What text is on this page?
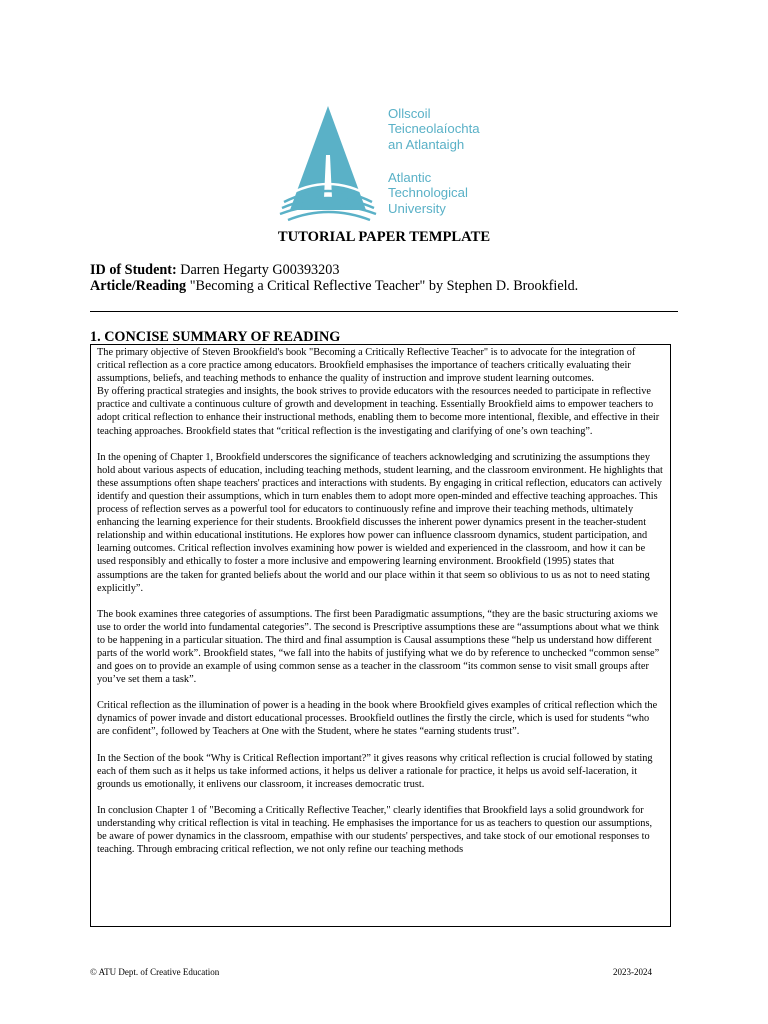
Ollscoil
Teicneolaíochta
an Atlantaigh
Atlantic
Technological
University
TUTORIAL PAPER TEMPLATE
ID of Student: Darren Hegarty G00393203
Article/Reading "Becoming a Critical Reflective Teacher" by Stephen D. Brookfield.
1. CONCISE SUMMARY OF READING

The primary objective of Steven Brookfield's book "Becoming a Critically Reflective Teacher" is to advocate for the integration of critical reflection as a core practice among educators. Brookfield emphasises the importance of teachers critically evaluating their assumptions, beliefs, and teaching methods to enhance the quality of instruction and improve student learning outcomes.

By offering practical strategies and insights, the book strives to provide educators with the resources needed to participate in reflective practice and cultivate a continuous culture of growth and development in teaching. Essentially Brookfield aims to empower teachers to adopt critical reflection to enhance their instructional methods, enabling them to become more intentional, flexible, and effective in their teaching approaches. Brookfield states that “critical reflection is the investigating and clarifying of one’s own teaching”.

In the opening of Chapter 1, Brookfield underscores the significance of teachers acknowledging and scrutinizing the assumptions they hold about various aspects of education, including teaching methods, student learning, and the classroom environment. He highlights that these assumptions often shape teachers' practices and interactions with students. By engaging in critical reflection, educators can actively identify and question their assumptions, which in turn enables them to adopt more open-minded and effective teaching approaches. This process of reflection serves as a powerful tool for educators to continuously refine and improve their teaching methods, ultimately enhancing the learning experience for their students. Brookfield discusses the inherent power dynamics present in the teacher-student relationship and within educational institutions. He explores how power can influence classroom dynamics, student participation, and learning outcomes. Critical reflection involves examining how power is wielded and experienced in the classroom, and how it can be used responsibly and ethically to foster a more inclusive and empowering learning environment. Brookfield (1995) states that assumptions are the taken for granted beliefs about the world and our place within it that seem so oblivious to us as not to need stating explicitly”.

The book examines three categories of assumptions. The first been Paradigmatic assumptions, “they are the basic structuring axioms we use to order the world into fundamental categories”. The second is Prescriptive assumptions these are “assumptions about what we think to be happening in a particular situation. The third and final assumption is Causal assumptions these “help us understand how different parts of the world work”. Brookfield states, “we fall into the habits of justifying what we do by reference to unchecked “common sense” and goes on to provide an example of using common sense as a teacher in the classroom “its common sense to visit small groups after you’ve set them a task”.

Critical reflection as the illumination of power is a heading in the book where Brookfield gives examples of critical reflection which the dynamics of power invade and distort educational processes. Brookfield outlines the firstly the circle, which is used for students “who are confident”, followed by Teachers at One with the Student, where he states “earning students trust”.

In the Section of the book “Why is Critical Reflection important?” it gives reasons why critical reflection is crucial followed by stating each of them such as it helps us take informed actions, it helps us deliver a rationale for practice, it helps us avoid self-laceration, it grounds us emotionally, it enlivens our classroom, it increases democratic trust.

In conclusion Chapter 1 of "Becoming a Critically Reflective Teacher," clearly identifies that Brookfield lays a solid groundwork for understanding why critical reflection is vital in teaching. He emphasises the importance for us as teachers to question our assumptions, be aware of power dynamics in the classroom, empathise with our students' perspectives, and take stock of our emotional responses to teaching. Through embracing critical reflection, we not only refine our teaching methods

© ATU Dept. of Creative Education	2023-2024
